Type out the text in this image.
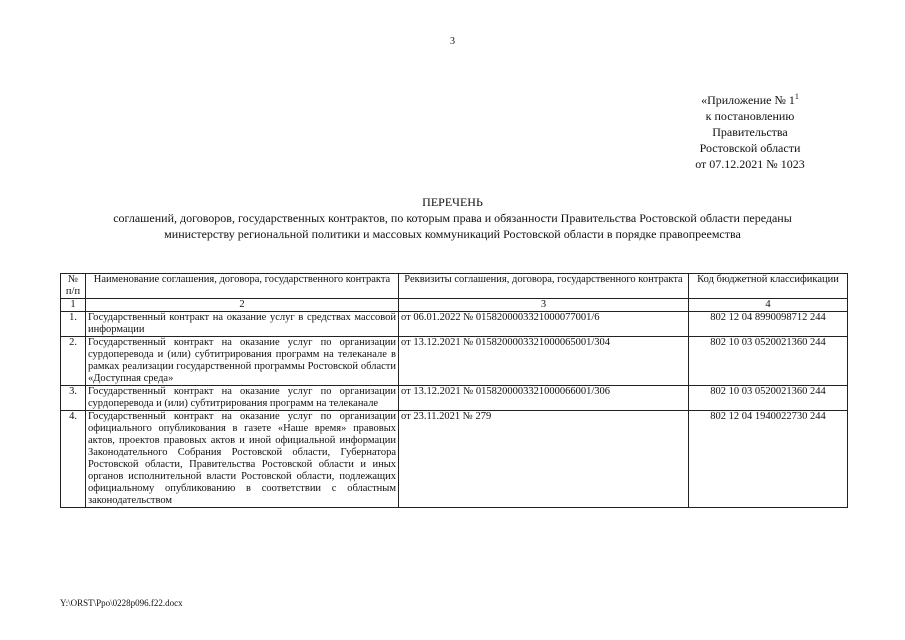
3
«Приложение № $1^1$
к постановлению
Правительства
Ростовской области
от 07.12.2021 № 1023
ПЕРЕЧЕНЬ
соглашений, договоров, государственных контрактов, по которым права и обязанности Правительства Ростовской области переданы министерству региональной политики и массовых коммуникаций Ростовской области в порядке правопреемства
№ п/п	Наименование соглашения, договора, государственного контракта	Реквизиты соглашения, договора, государственного контракта	Код бюджетной классификации
1	2	3	4
1.	Государственный контракт на оказание услуг в средствах массовой информации	от 06.01.2022 № 0158200003321000077001/6	802 12 04 8990098712 244
2.	Государственный контракт на оказание услуг по организации сурдоперевода и (или) субтитрирования программ на телеканале в рамках реализации государственной программы Ростовской области «Доступная среда»	от 13.12.2021 № 0158200003321000065001/304	802 10 03 0520021360 244
3.	Государственный контракт на оказание услуг по организации сурдоперевода и (или) субтитрирования программ на телеканале	от 13.12.2021 № 0158200003321000066001/306	802 10 03 0520021360 244
4.	Государственный контракт на оказание услуг по организации официального опубликования в газете «Наше время» правовых актов, проектов правовых актов и иной официальной информации Законодательного Собрания Ростовской области, Губернатора Ростовской области, Правительства Ростовской области и иных органов исполнительной власти Ростовской области, подлежащих официальному опубликованию в соответствии с областным законодательством	от 23.11.2021 № 279	802 12 04 1940022730 244
Y:\ORST\Ppo\0228p096.f22.docx
